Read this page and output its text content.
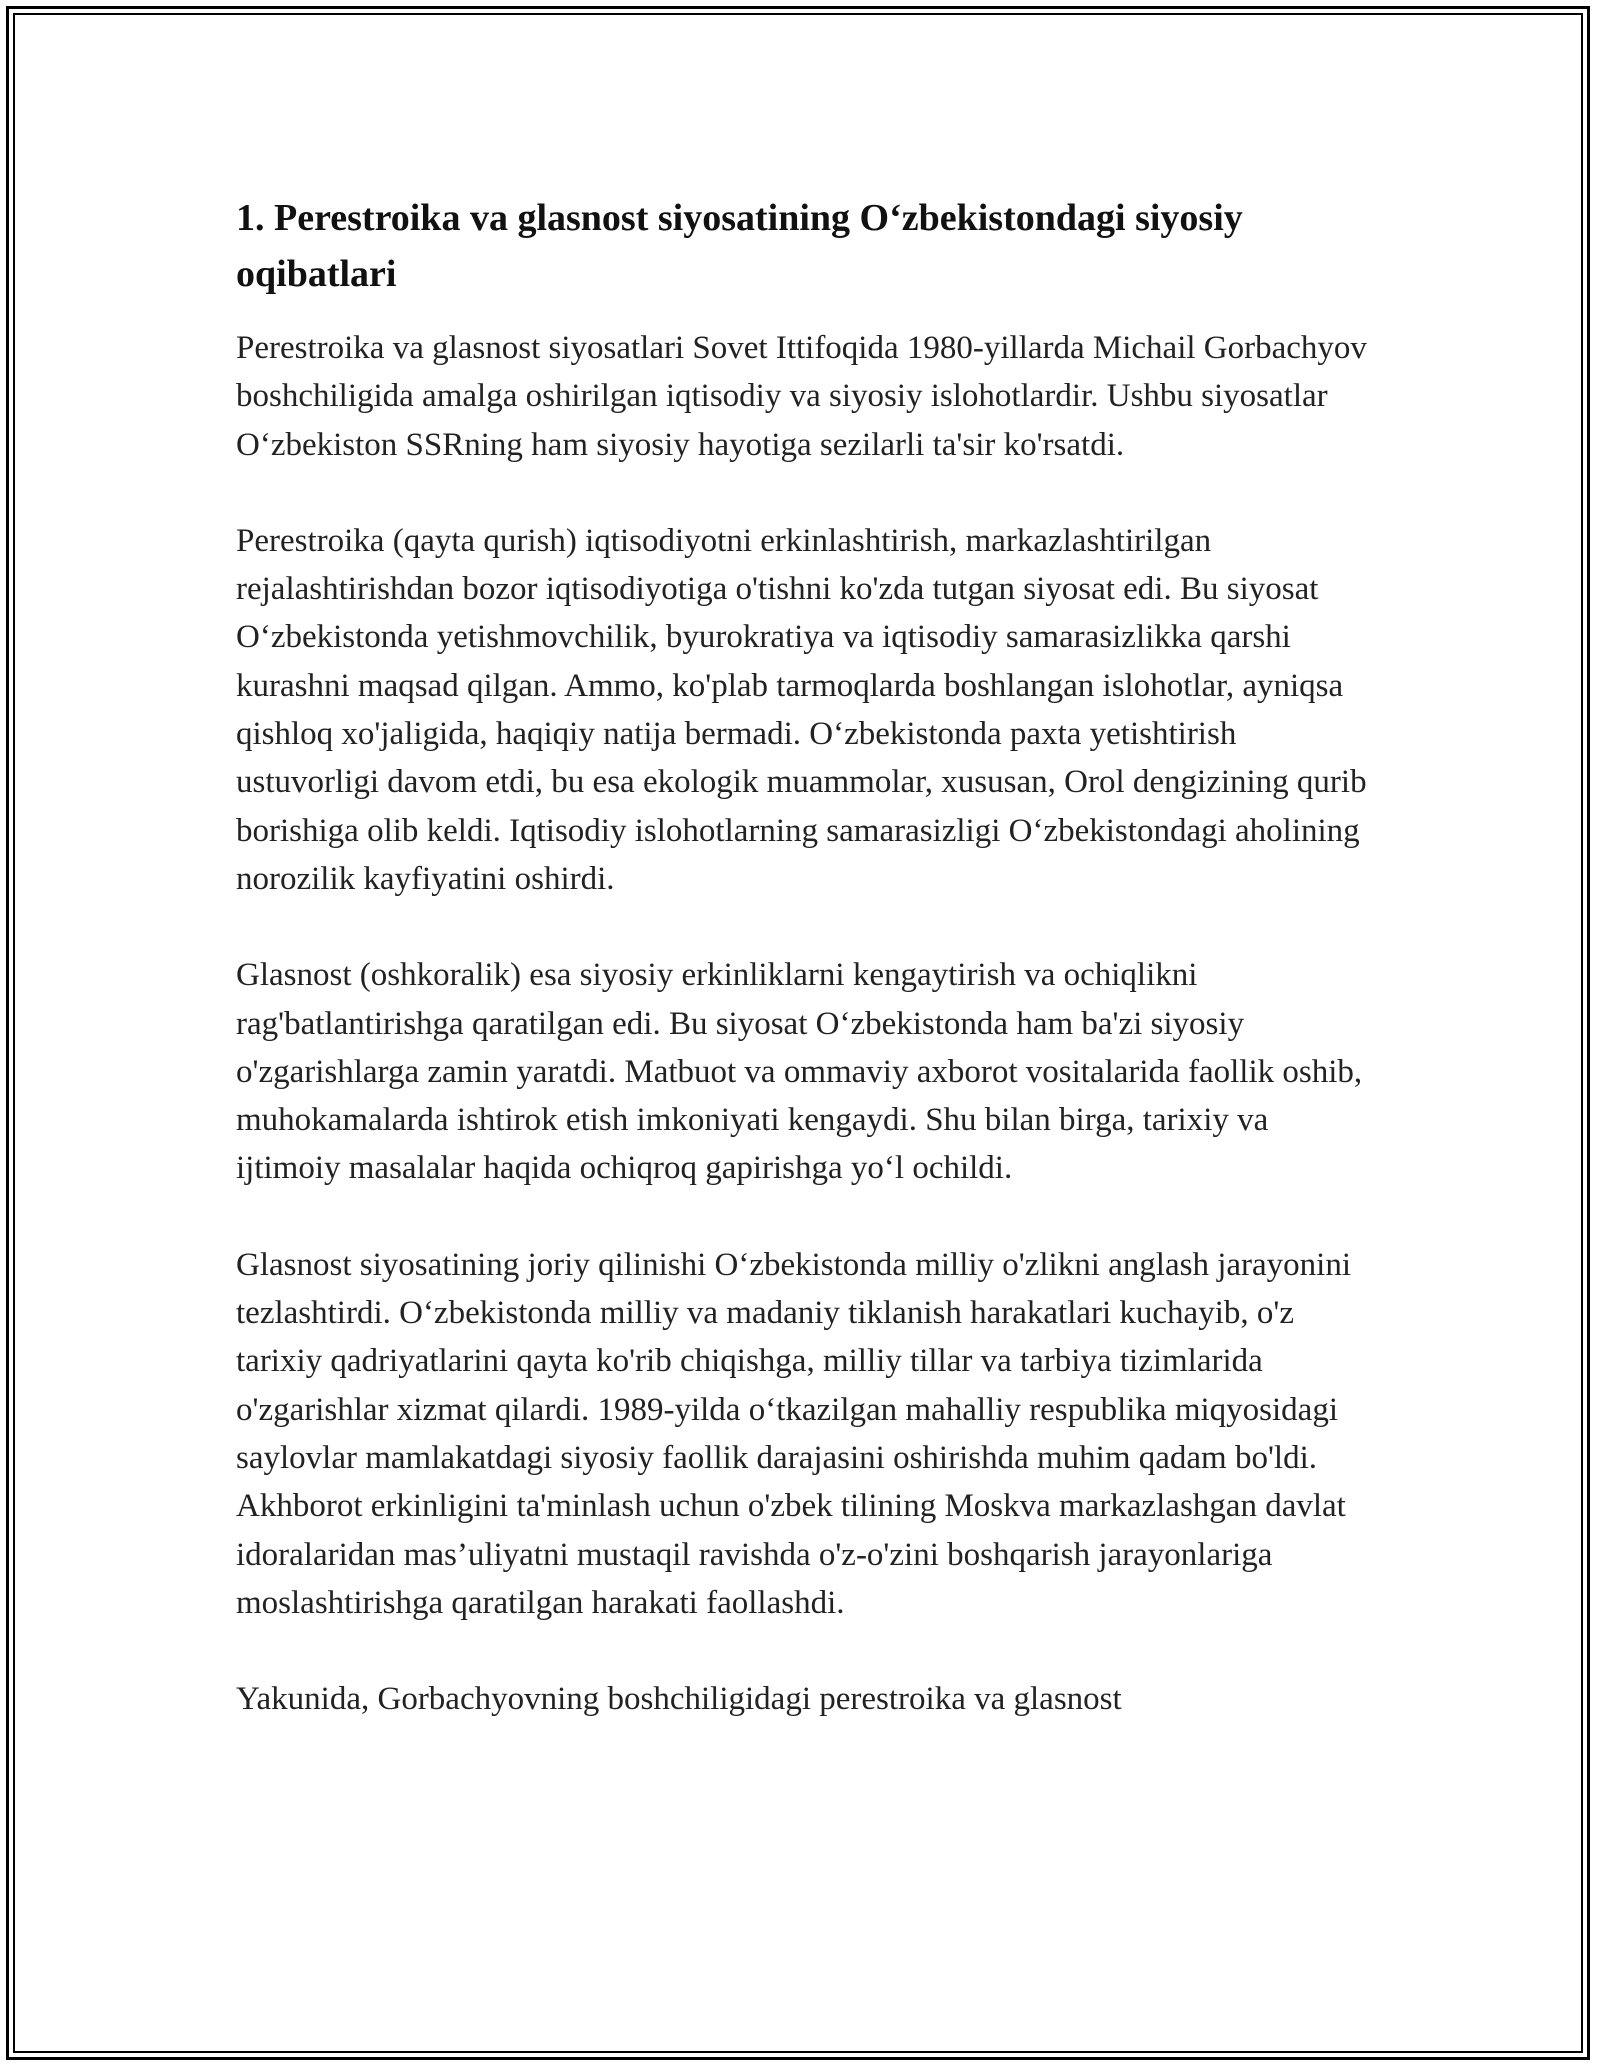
1. Perestroika va glasnost siyosatining O‘zbekistondagi siyosiy oqibatlari

Perestroika va glasnost siyosatlari Sovet Ittifoqida 1980-yillarda Michail Gorbachyov boshchiligida amalga oshirilgan iqtisodiy va siyosiy islohotlardir. Ushbu siyosatlar O‘zbekiston SSRning ham siyosiy hayotiga sezilarli ta'sir ko'rsatdi.

Perestroika (qayta qurish) iqtisodiyotni erkinlashtirish, markazlashtirilgan rejalashtirishdan bozor iqtisodiyotiga o'tishni ko'zda tutgan siyosat edi. Bu siyosat O‘zbekistonda yetishmovchilik, byurokratiya va iqtisodiy samarasizlikka qarshi kurashni maqsad qilgan. Ammo, ko'plab tarmoqlarda boshlangan islohotlar, ayniqsa qishloq xo'jaligida, haqiqiy natija bermadi. O‘zbekistonda paxta yetishtirish ustuvorligi davom etdi, bu esa ekologik muammolar, xususan, Orol dengizining qurib borishiga olib keldi. Iqtisodiy islohotlarning samarasizligi O‘zbekistondagi aholining norozilik kayfiyatini oshirdi.

Glasnost (oshkoralik) esa siyosiy erkinliklarni kengaytirish va ochiqlikni rag'batlantirishga qaratilgan edi. Bu siyosat O‘zbekistonda ham ba'zi siyosiy o'zgarishlarga zamin yaratdi. Matbuot va ommaviy axborot vositalarida faollik oshib, muhokamalarda ishtirok etish imkoniyati kengaydi. Shu bilan birga, tarixiy va ijtimoiy masalalar haqida ochiqroq gapirishga yo‘l ochildi.

Glasnost siyosatining joriy qilinishi O‘zbekistonda milliy o'zlikni anglash jarayonini tezlashtirdi. O‘zbekistonda milliy va madaniy tiklanish harakatlari kuchayib, o'z tarixiy qadriyatlarini qayta ko'rib chiqishga, milliy tillar va tarbiya tizimlarida o'zgarishlar xizmat qilardi. 1989-yilda o‘tkazilgan mahalliy respublika miqyosidagi saylovlar mamlakatdagi siyosiy faollik darajasini oshirishda muhim qadam bo'ldi. Akhborot erkinligini ta'minlash uchun o'zbek tilining Moskva markazlashgan davlat idoralaridan mas’uliyatni mustaqil ravishda o'z-o'zini boshqarish jarayonlariga moslashtirishga qaratilgan harakati faollashdi.

Yakunida, Gorbachyovning boshchiligidagi perestroika va glasnost
